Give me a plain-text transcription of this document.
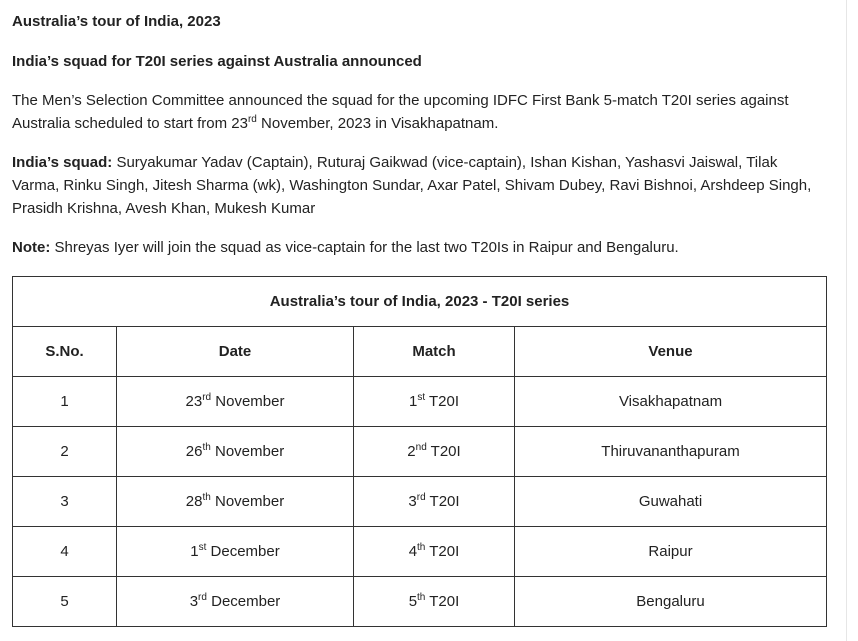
Australia’s tour of India, 2023

India’s squad for T20I series against Australia announced

The Men’s Selection Committee announced the squad for the upcoming IDFC First Bank 5-match T20I series against Australia scheduled to start from 23rd November, 2023 in Visakhapatnam.

India’s squad: Suryakumar Yadav (Captain), Ruturaj Gaikwad (vice-captain), Ishan Kishan, Yashasvi Jaiswal, Tilak Varma, Rinku Singh, Jitesh Sharma (wk), Washington Sundar, Axar Patel, Shivam Dubey, Ravi Bishnoi, Arshdeep Singh, Prasidh Krishna, Avesh Khan, Mukesh Kumar

Note: Shreyas Iyer will join the squad as vice-captain for the last two T20Is in Raipur and Bengaluru.

Australia’s tour of India, 2023 - T20I series			
S.No.	Date	Match	Venue
1	23rd November	1st T20I	Visakhapatnam
2	26th November	2nd T20I	Thiruvananthapuram
3	28th November	3rd T20I	Guwahati
4	1st December	4th T20I	Raipur
5	3rd December	5th T20I	Bengaluru
